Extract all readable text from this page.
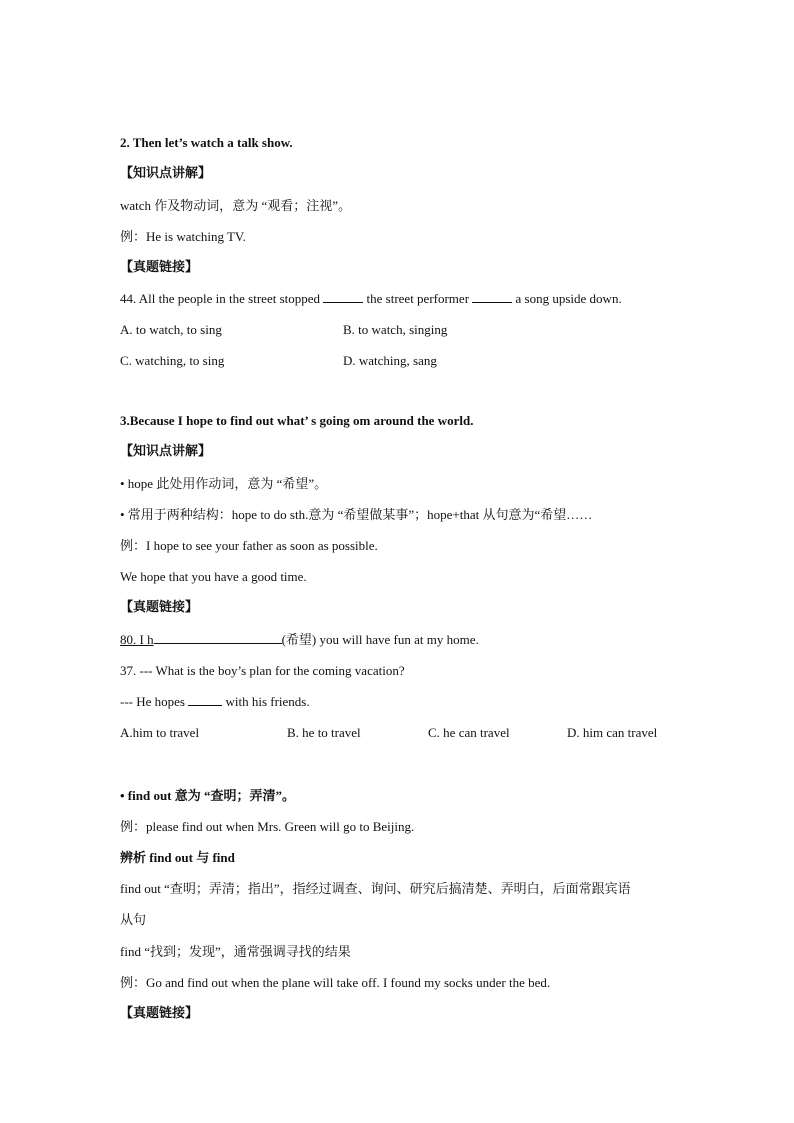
2. Then let’s watch a talk show.
【知识点讲解】
watch 作及物动词，意为 “观看；注视”。
例：He is watching TV.
【真题链接】
44. All the people in the street stopped	the street performer	a song upside down.
A. to watch, to sing	B. to watch, singing
C. watching, to sing	D. watching, sang
3.Because I hope to find out what’ s going om around the world.
【知识点讲解】
• hope 此处用作动词，意为 “希望”。
• 常用于两种结构：hope to do sth.意为 “希望做某事”；hope+that 从句意为“希望……
例：I hope to see your father as soon as possible.
We hope that you have a good time.
【真题链接】
80. I h	(希望) you will have fun at my home.
37. --- What is the boy’s plan for the coming vacation?
--- He hopes	with his friends.
A.him to travel	B. he to travel	C. he can travel	D. him can travel
• find out 意为 “查明；弄清”。
例：please find out when Mrs. Green will go to Beijing.
辨析 find out 与 find
find out “查明；弄清；指出”，指经过调查、询问、研究后搞清楚、弄明白，后面常跟宾语
从句
find “找到；发现”，通常强调寻找的结果
例：Go and find out when the plane will take off. I found my socks under the bed.
【真题链接】
